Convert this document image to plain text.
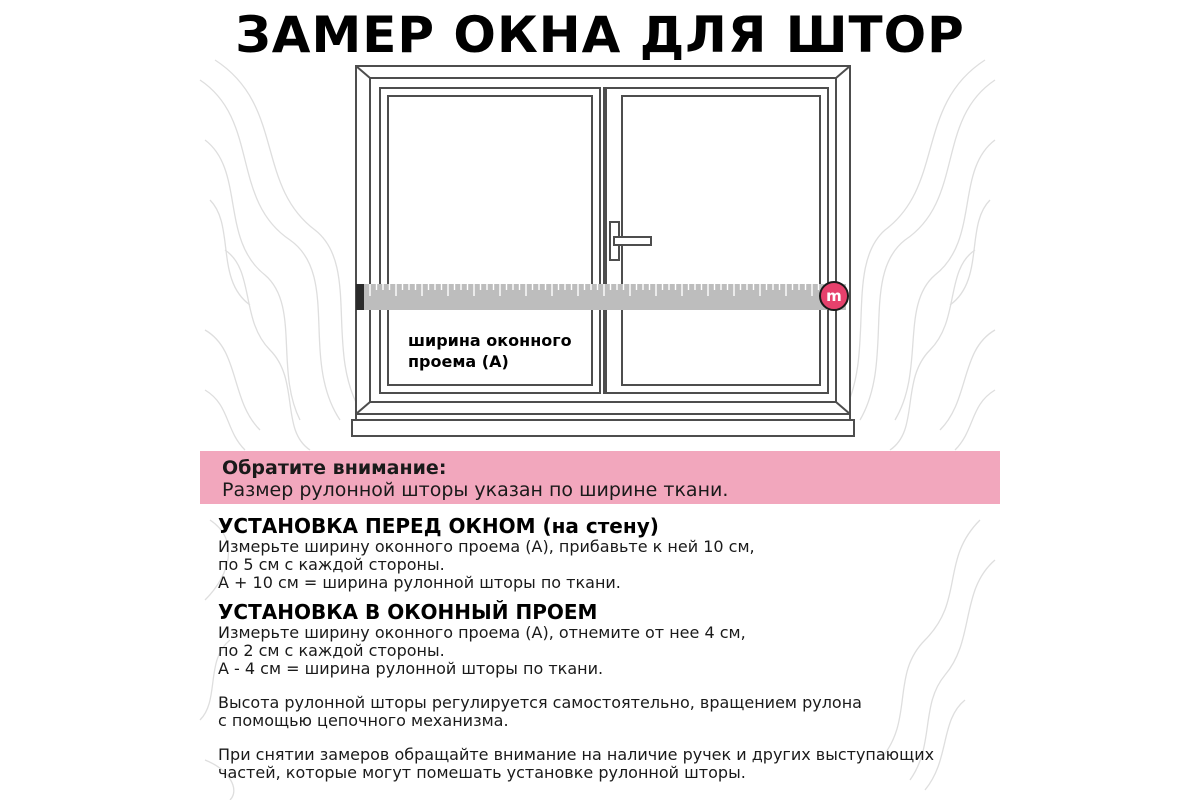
ЗАМЕР ОКНА ДЛЯ ШТОР
m
ширина оконного
проема (А)
Обратите внимание:
Размер рулонной шторы указан по ширине ткани.
УСТАНОВКА ПЕРЕД ОКНОМ (на стену)

Измерьте ширину оконного проема (А), прибавьте к ней 10 см,

по 5 см с каждой стороны.

А + 10 см = ширина рулонной шторы по ткани.

УСТАНОВКА В ОКОННЫЙ ПРОЕМ

Измерьте ширину оконного проема (А), отнемите от нее 4 см,

по 2 см с каждой стороны.

А - 4 см = ширина рулонной шторы по ткани.

Высота рулонной шторы регулируется самостоятельно, вращением рулона

с помощью цепочного механизма.

При снятии замеров обращайте внимание на наличие ручек и других выступающих

частей, которые могут помешать установке рулонной шторы.
